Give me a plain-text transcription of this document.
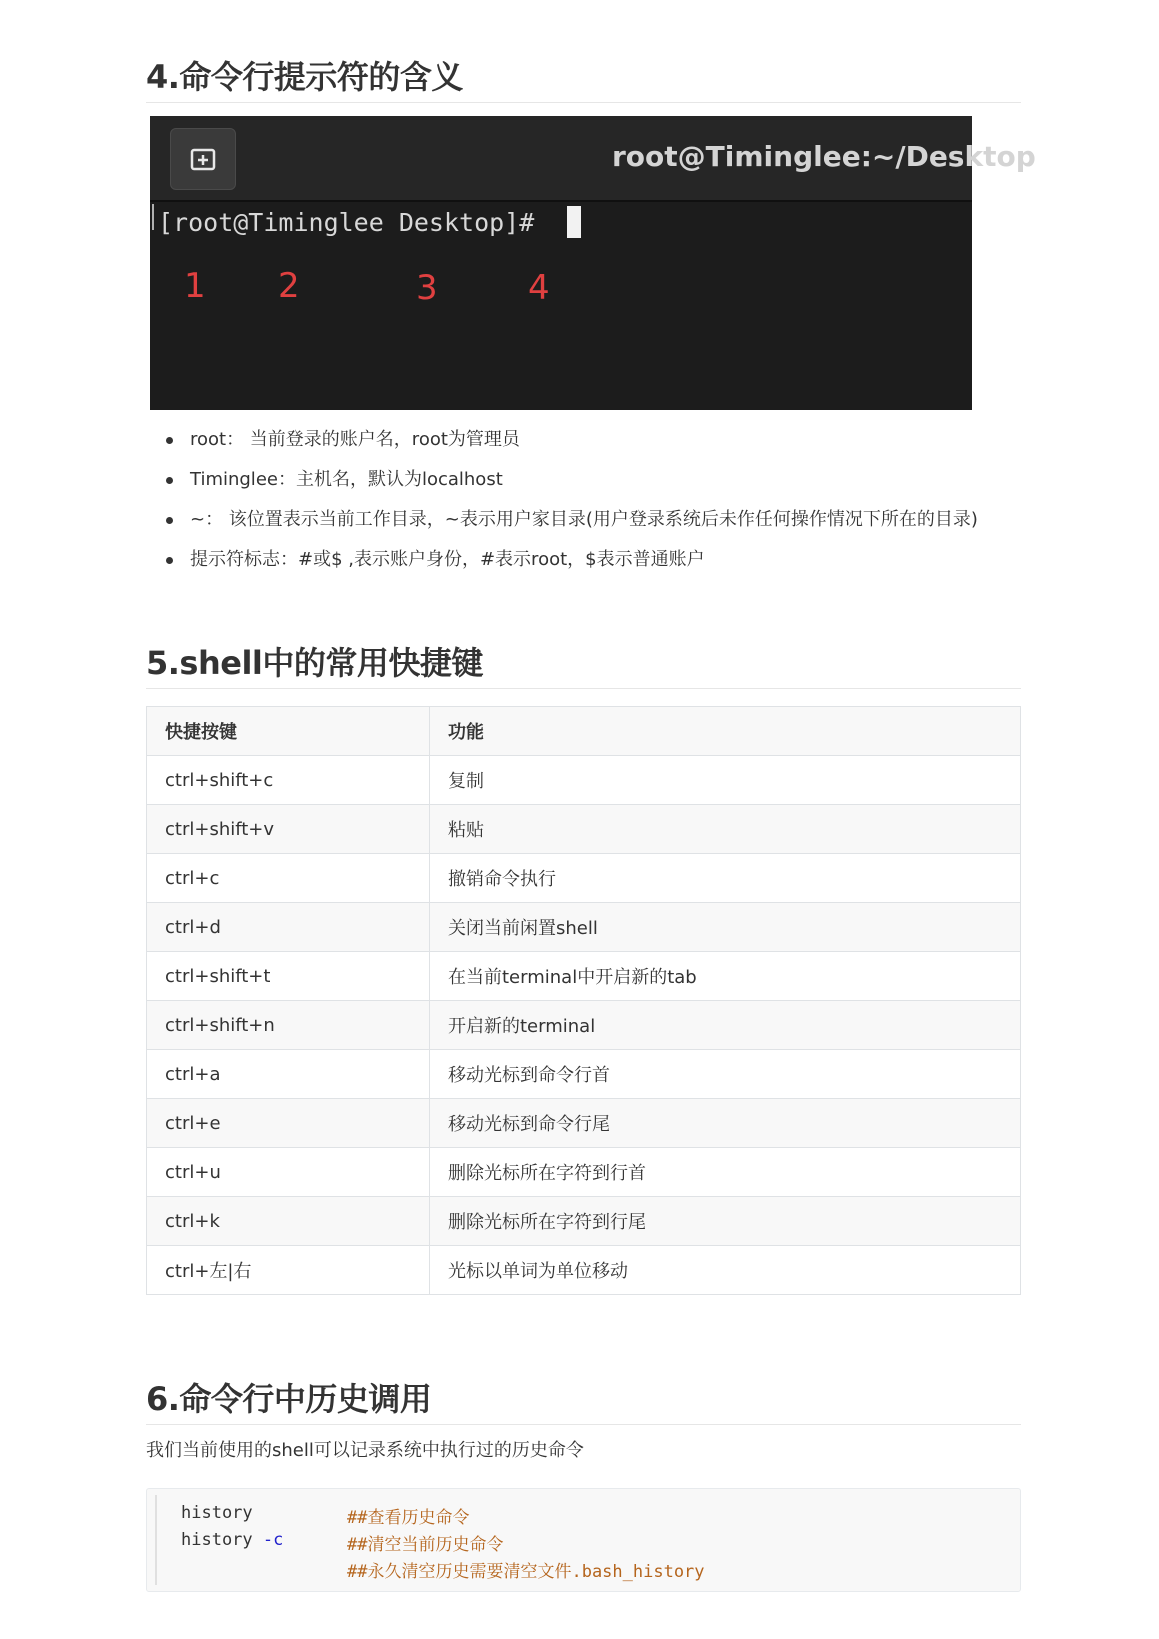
4.命令行提示符的含义
root@Timinglee:~/Desktop
[root@Timinglee Desktop]#
1 2	3	4
root： 当前登录的账户名，root为管理员
Timinglee：主机名，默认为localhost
~： 该位置表示当前工作目录，~表示用户家目录(用户登录系统后未作任何操作情况下所在的目录)
提示符标志：#或$ ,表示账户身份，#表示root，$表示普通账户
5.shell中的常用快捷键
快捷按键	功能
ctrl+shift+c	复制
ctrl+shift+v	粘贴
ctrl+c	撤销命令执行
ctrl+d	关闭当前闲置shell
ctrl+shift+t	在当前terminal中开启新的tab
ctrl+shift+n	开启新的terminal
ctrl+a	移动光标到命令行首
ctrl+e	移动光标到命令行尾
ctrl+u	删除光标所在字符到行首
ctrl+k	删除光标所在字符到行尾
ctrl+左|右	光标以单词为单位移动
6.命令行中历史调用
我们当前使用的shell可以记录系统中执行过的历史命令
history	##查看历史命令
history -c	##清空当前历史命令
##永久清空历史需要清空文件.bash_history
